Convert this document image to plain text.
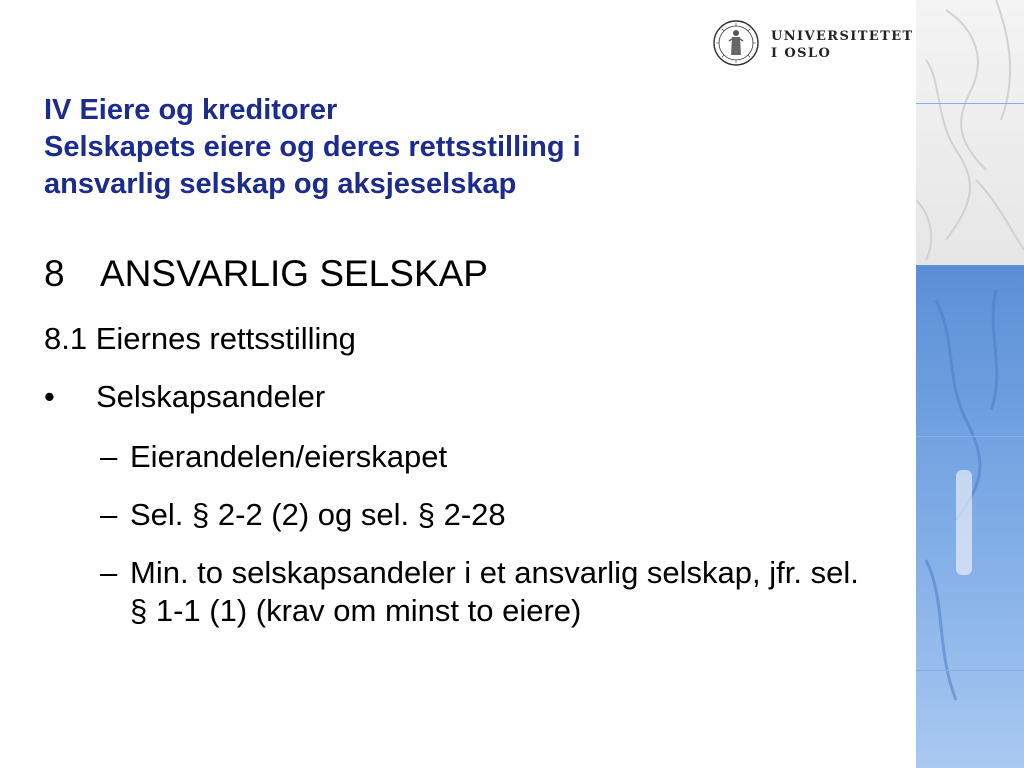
UNIVERSITETET
I OSLO
IV Eiere og kreditorer
Selskapets eiere og deres rettsstilling i
ansvarlig selskap og aksjeselskap
8 ANSVARLIG SELSKAP
8.1 Eiernes rettsstilling
• Selskapsandeler
– Eierandelen/eierskapet
– Sel. § 2-2 (2) og sel. § 2-28
– Min. to selskapsandeler i et ansvarlig selskap, jfr. sel. § 1-1 (1) (krav om minst to eiere)
